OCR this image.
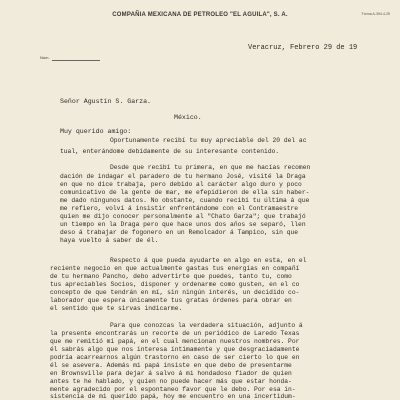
COMPAÑIA MEXICANA DE PETROLEO "EL AGUILA", S. A.	Forma A-394-4-25
Núm.
Veracruz, Febrero 29 de 19
Señor Agustín S. Garza.
México.
Muy querido amigo:
Oportunamente recibí tu muy apreciable del 20 del ac
tual, enterándome debidamente de su interesante contenido.
Desde que recibí tu primera, en que me hacías recomen
dación de indagar el paradero de tu hermano José, visité la Draga
en que no dice trabaja, pero debido al carácter algo duro y poco
comunicativo de la gente de mar, me efepidieron de ella sin haber-
me dado ningunos datos. No obstante, cuando recibí tu última á que
me refiero, volví á insistir enfrentándome con el Contramaestre
quien me dijo conocer personalmente al "Chato Garza"; que trabajó
un tiempo en la Draga pero que hace unos dos años se separó, llen
deso á trabajar de fogonero en un Remolcador á Tampico, sin que
haya vuelto á saber de él.
Respecto á que pueda ayudarte en algo en esta, en el
reciente negocio en que actualmente gastas tus energías en compañí
de tu hermano Pancho, debo advertirte que puedes, tanto tu, como
tus apreciables Socios, disponer y ordenarme como gusten, en el co
concepto de que tendrán en mí, sin ningún interés, un decidido co-
laborador que espera únicamente tus gratas órdenes para obrar en
el sentido que te sirvas indicarme.
Para que conozcas la verdadera situación, adjunto á
la presente encontrarás un recorte de un periódico de Laredo Texas
que me remitió mi papá, en el cual mencionan nuestros nombres. Por
él sabrás algo que nos interesa íntimamente y que desgraciadamente
podría acarrearnos algún trastorno en caso de ser cierto lo que en
él se asevera. Además mi papá insiste en que debo de presentarme
en Brownsville para dejar á salvo á mi hondadoso fiador de quien
antes te he hablado, y quien no puede hacer más que estar honda-
mente agradecido por el espontaneo favor que le debo. Por esa in-
sistencia de mi querido papá, hoy me encuentro en una incertidum-
